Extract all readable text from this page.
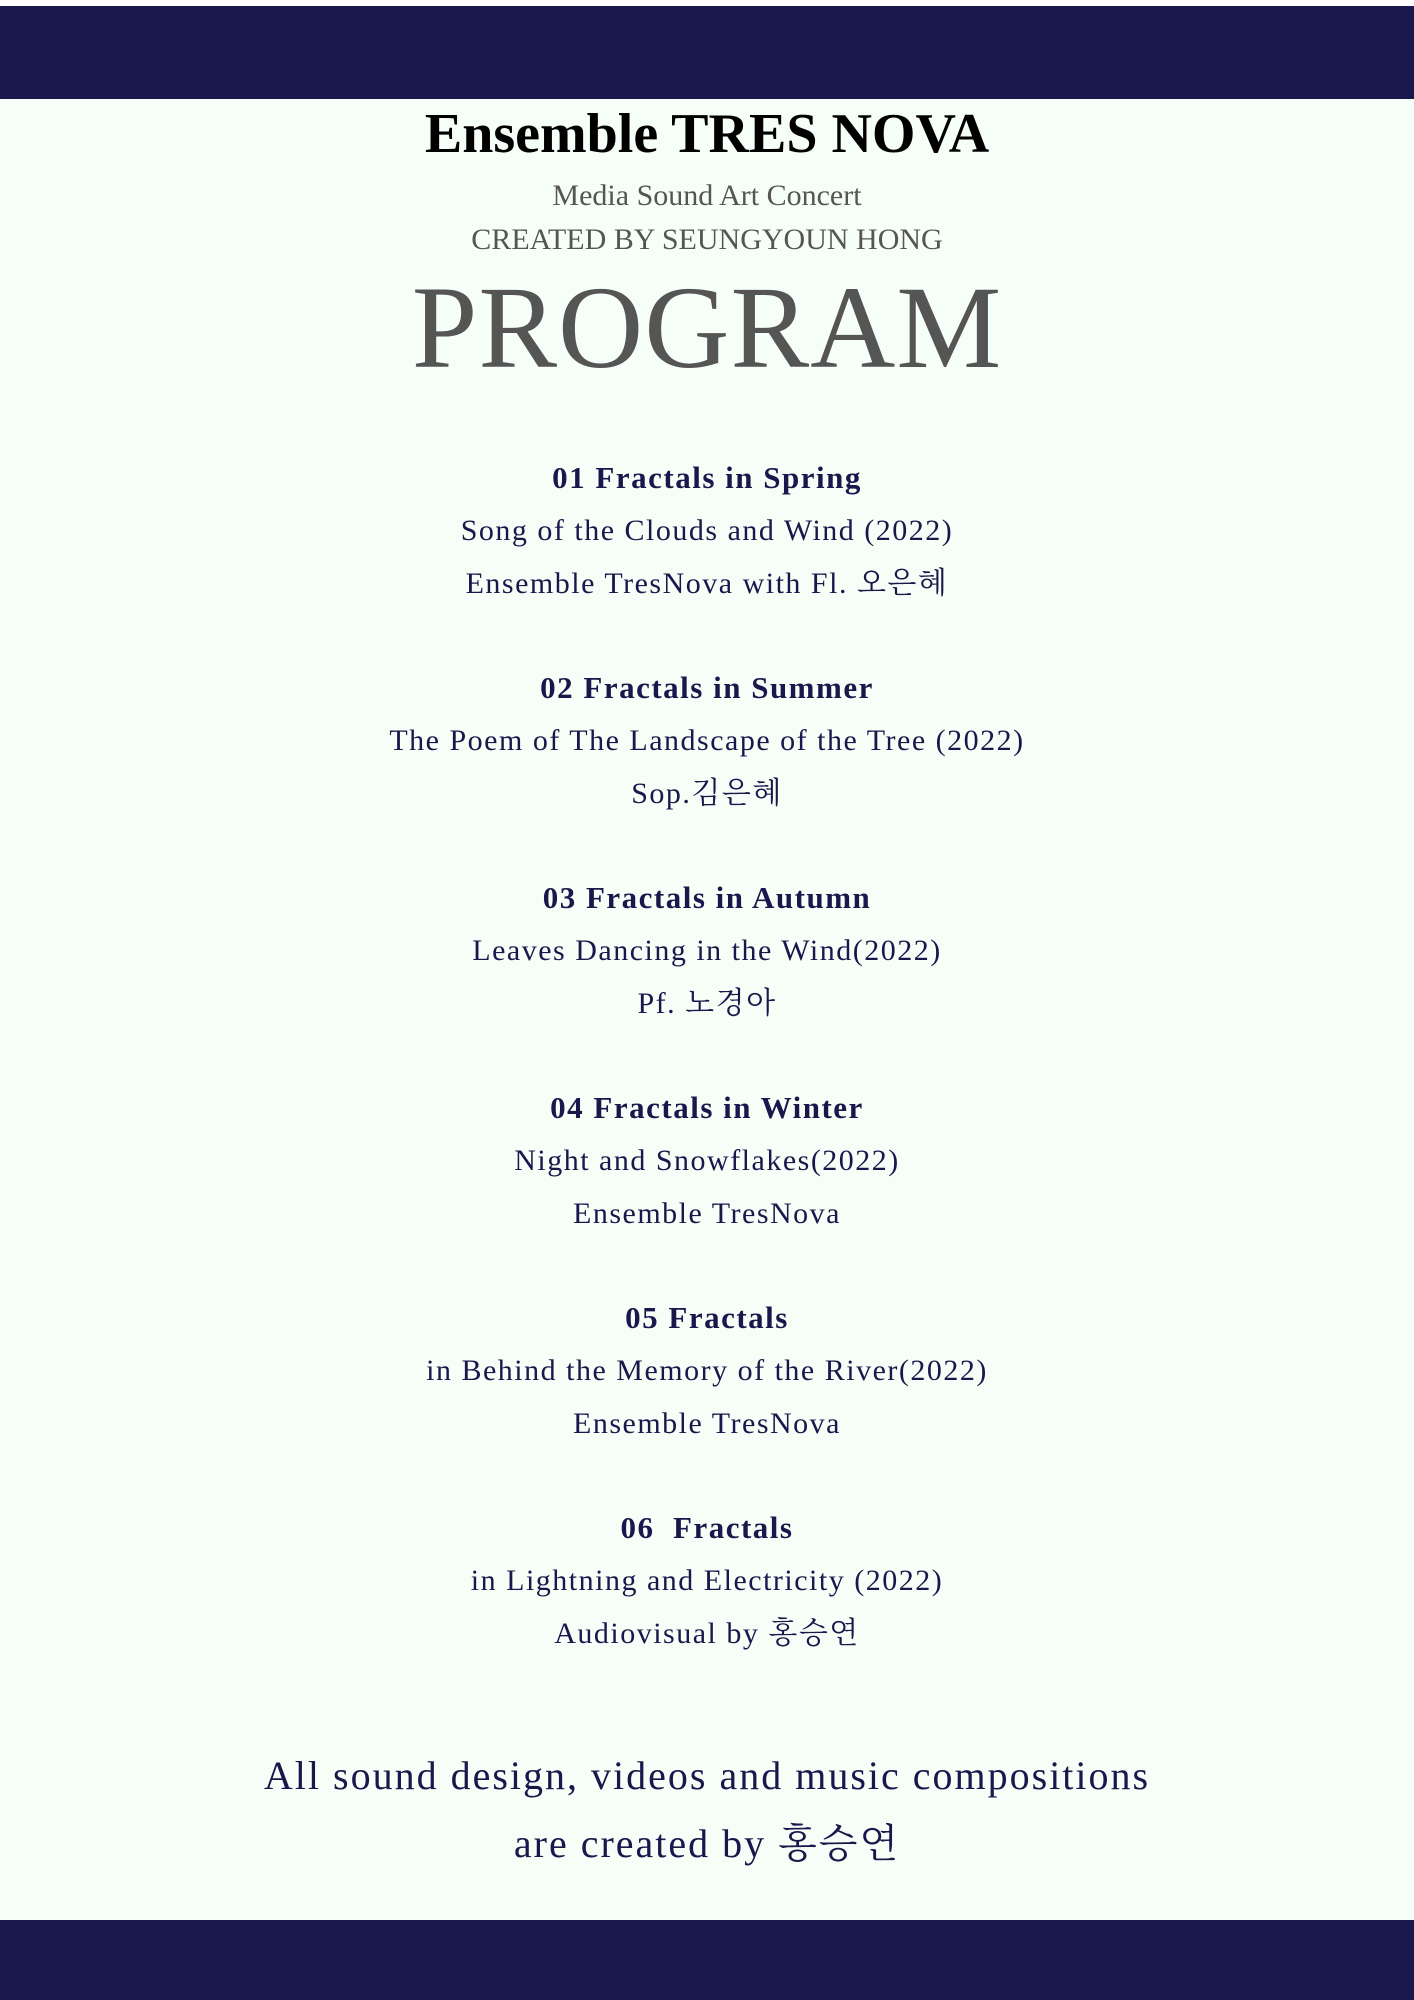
Ensemble TRES NOVA
Media Sound Art Concert
CREATED BY SEUNGYOUN HONG
PROGRAM
01 Fractals in Spring
Song of the Clouds and Wind (2022)
Ensemble TresNova with Fl. 오은혜
02 Fractals in Summer
The Poem of The Landscape of the Tree (2022)
Sop.김은혜
03 Fractals in Autumn
Leaves Dancing in the Wind(2022)
Pf. 노경아
04 Fractals in Winter
Night and Snowflakes(2022)
Ensemble TresNova
05 Fractals
in Behind the Memory of the River(2022)
Ensemble TresNova
06  Fractals
in Lightning and Electricity (2022)
Audiovisual by 홍승연
All sound design, videos and music compositions
are created by 홍승연
